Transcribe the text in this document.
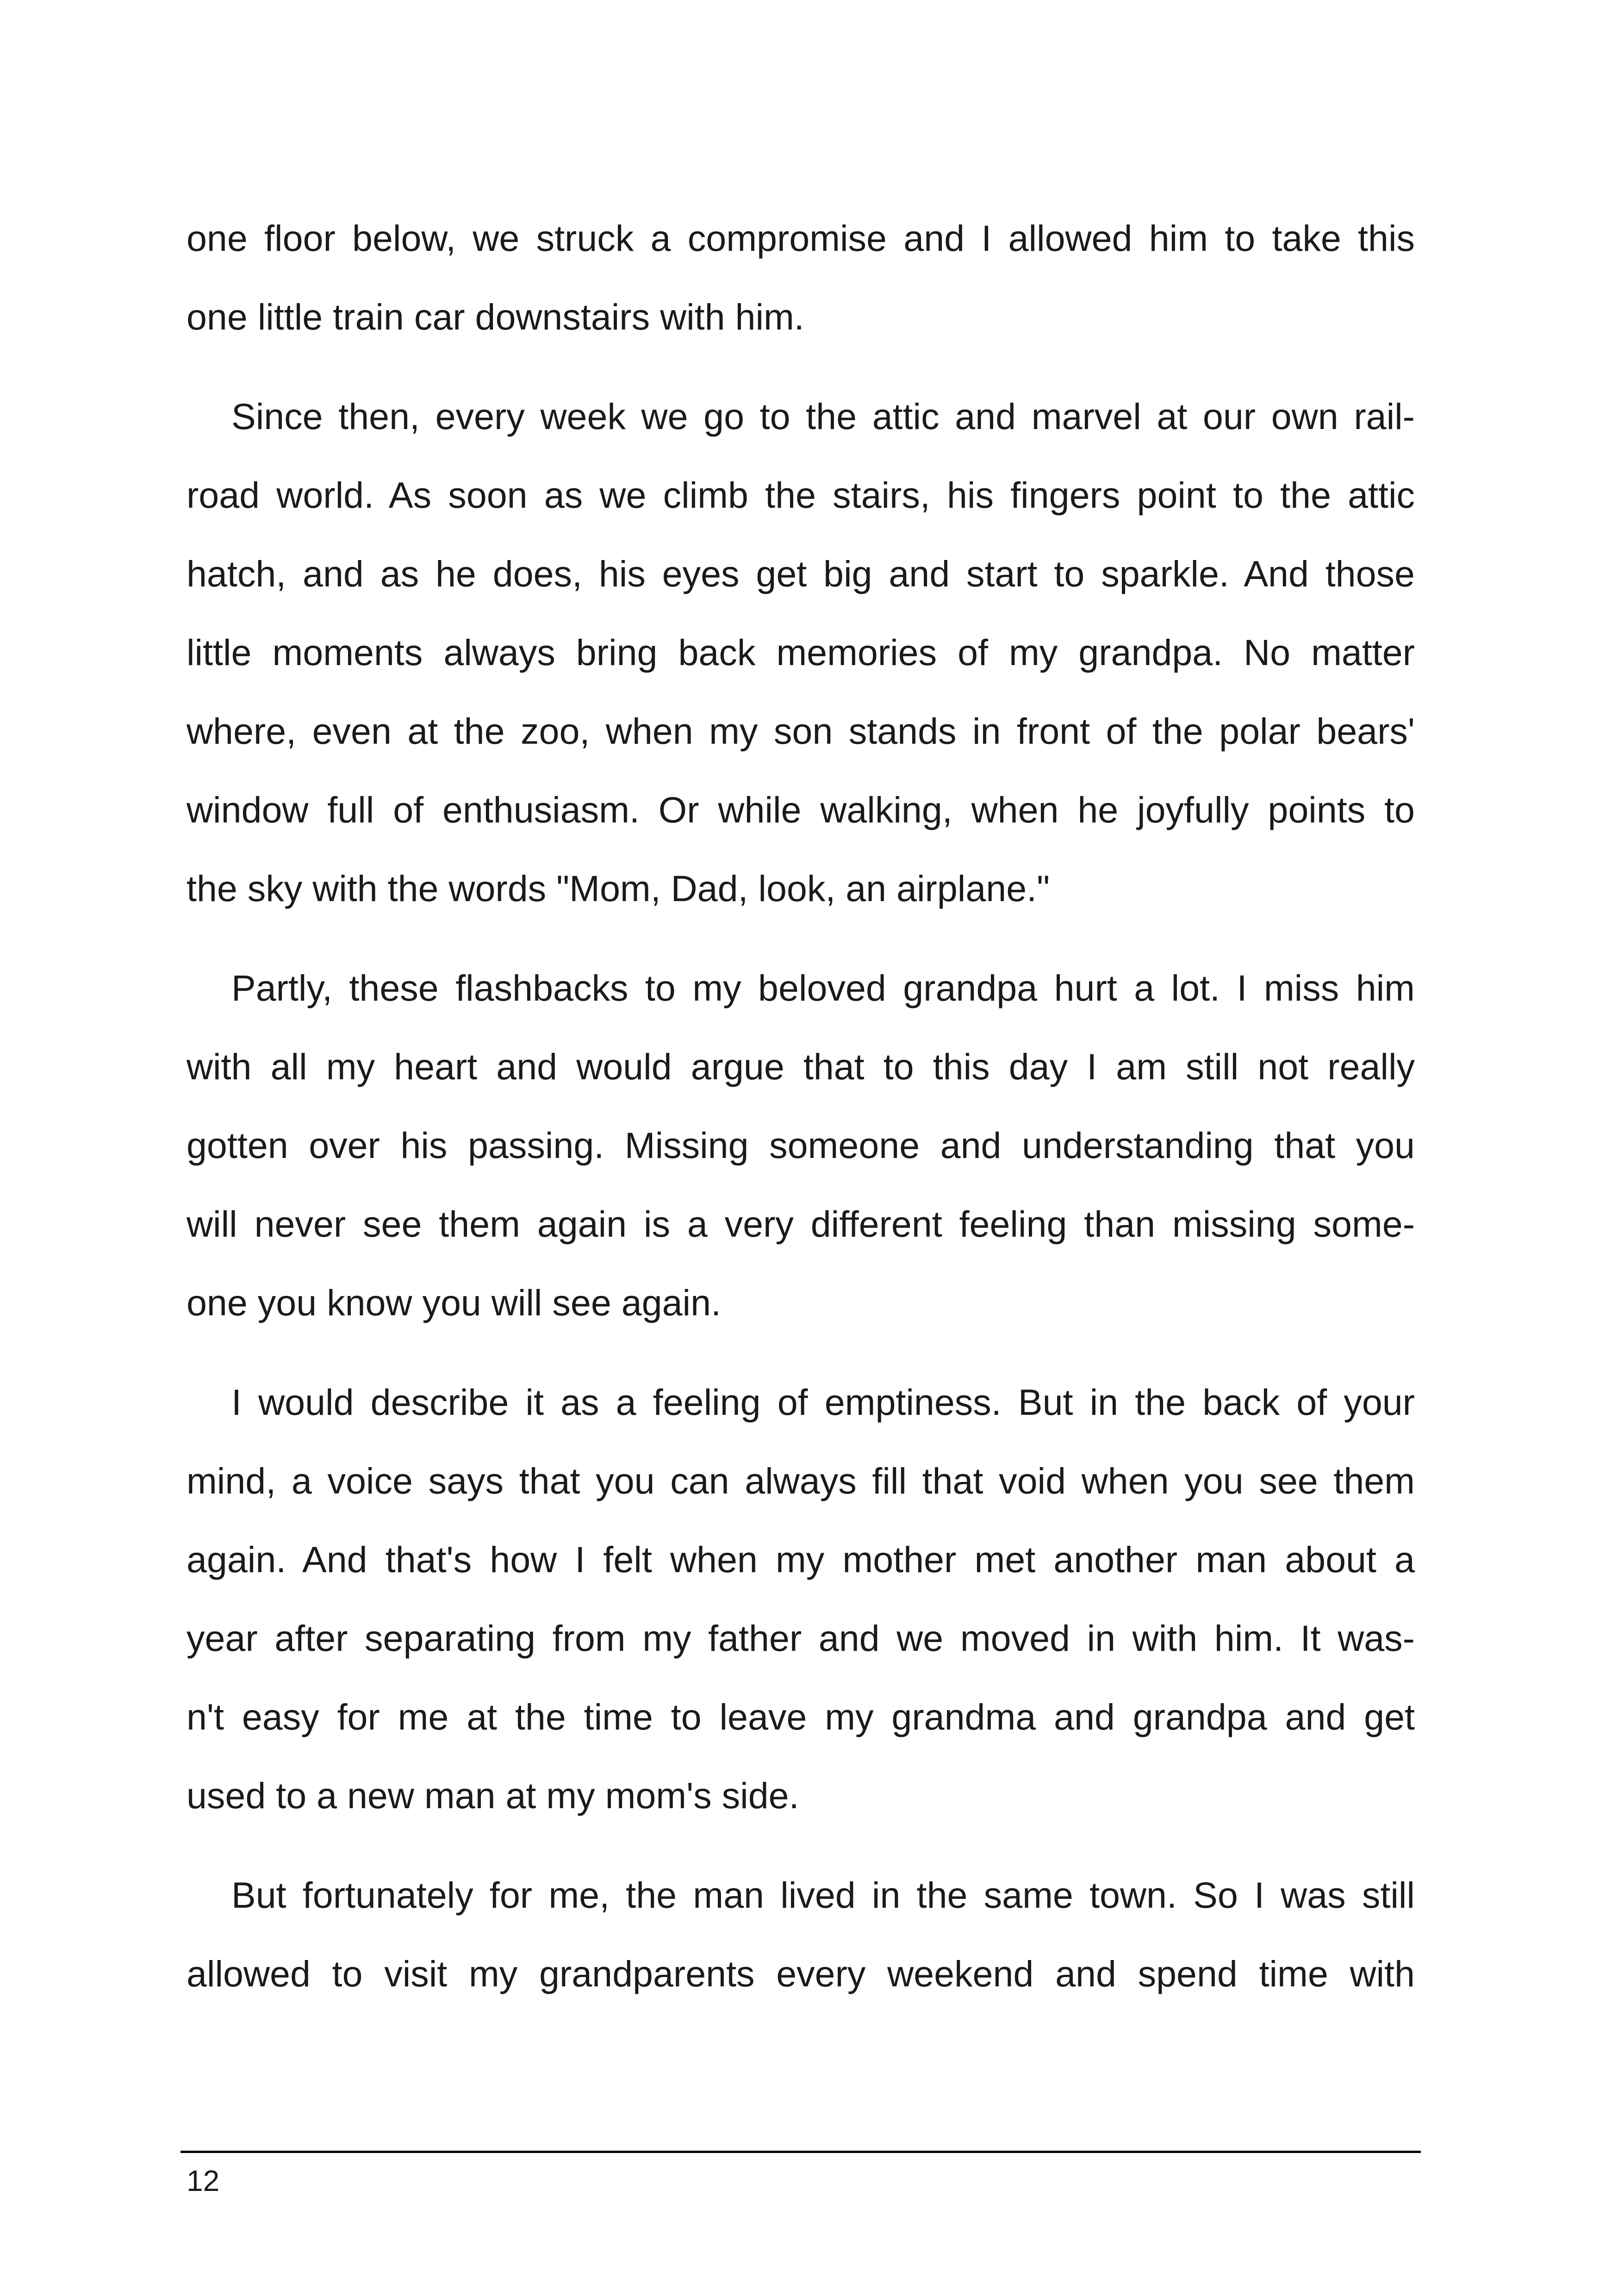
one floor below, we struck a compromise and I allowed him to take this
one little train car downstairs with him.
Since then, every week we go to the attic and marvel at our own rail-
road world. As soon as we climb the stairs, his fingers point to the attic
hatch, and as he does, his eyes get big and start to sparkle. And those
little moments always bring back memories of my grandpa. No matter
where, even at the zoo, when my son stands in front of the polar bears'
window full of enthusiasm. Or while walking, when he joyfully points to
the sky with the words "Mom, Dad, look, an airplane."
Partly, these flashbacks to my beloved grandpa hurt a lot. I miss him
with all my heart and would argue that to this day I am still not really
gotten over his passing. Missing someone and understanding that you
will never see them again is a very different feeling than missing some-
one you know you will see again.
I would describe it as a feeling of emptiness. But in the back of your
mind, a voice says that you can always fill that void when you see them
again. And that's how I felt when my mother met another man about a
year after separating from my father and we moved in with him. It was-
n't easy for me at the time to leave my grandma and grandpa and get
used to a new man at my mom's side.
But fortunately for me, the man lived in the same town. So I was still
allowed to visit my grandparents every weekend and spend time with
12
